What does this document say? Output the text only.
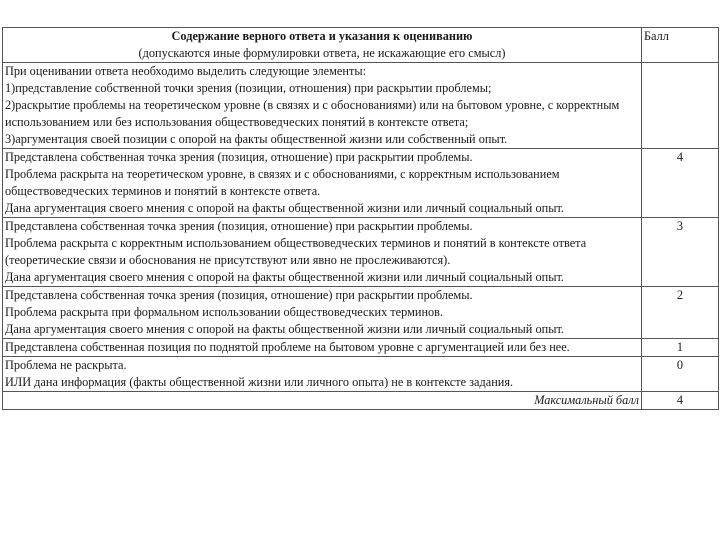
Содержание верного ответа и указания к оцениванию
(допускаются иные формулировки ответа, не искажающие его смысл)	Балл

При оценивании ответа необходимо выделить следующие элементы:
1)представление собственной точки зрения (позиции, отношения) при раскрытии проблемы;
2)раскрытие проблемы на теоретическом уровне (в связях и с обоснованиями) или на бытовом уровне, с корректным использованием или без использования обществоведческих понятий в контексте ответа;
3)аргументация своей позиции с опорой на факты общественной жизни или собственный опыт.	

Представлена собственная точка зрения (позиция, отношение) при раскрытии проблемы.
Проблема раскрыта на теоретическом уровне, в связях и с обоснованиями, с корректным использованием обществоведческих терминов и понятий в контексте ответа.
Дана аргументация своего мнения с опорой на факты общественной жизни или личный социальный опыт.	4

Представлена собственная точка зрения (позиция, отношение) при раскрытии проблемы.
Проблема раскрыта с корректным использованием обществоведческих терминов и понятий в контексте ответа (теоретические связи и обоснования не присутствуют или явно не прослеживаются).
Дана аргументация своего мнения с опорой на факты общественной жизни или личный социальный опыт.	3

Представлена собственная точка зрения (позиция, отношение) при раскрытии проблемы.
Проблема раскрыта при формальном использовании обществоведческих терминов.
Дана аргументация своего мнения с опорой на факты общественной жизни или личный социальный опыт.	2

Представлена собственная позиция по поднятой проблеме на бытовом уровне с аргументацией или без нее.	1

Проблема не раскрыта.
ИЛИ дана информация (факты общественной жизни или личного опыта) не в контексте задания.	0
Максимальный балл	4
